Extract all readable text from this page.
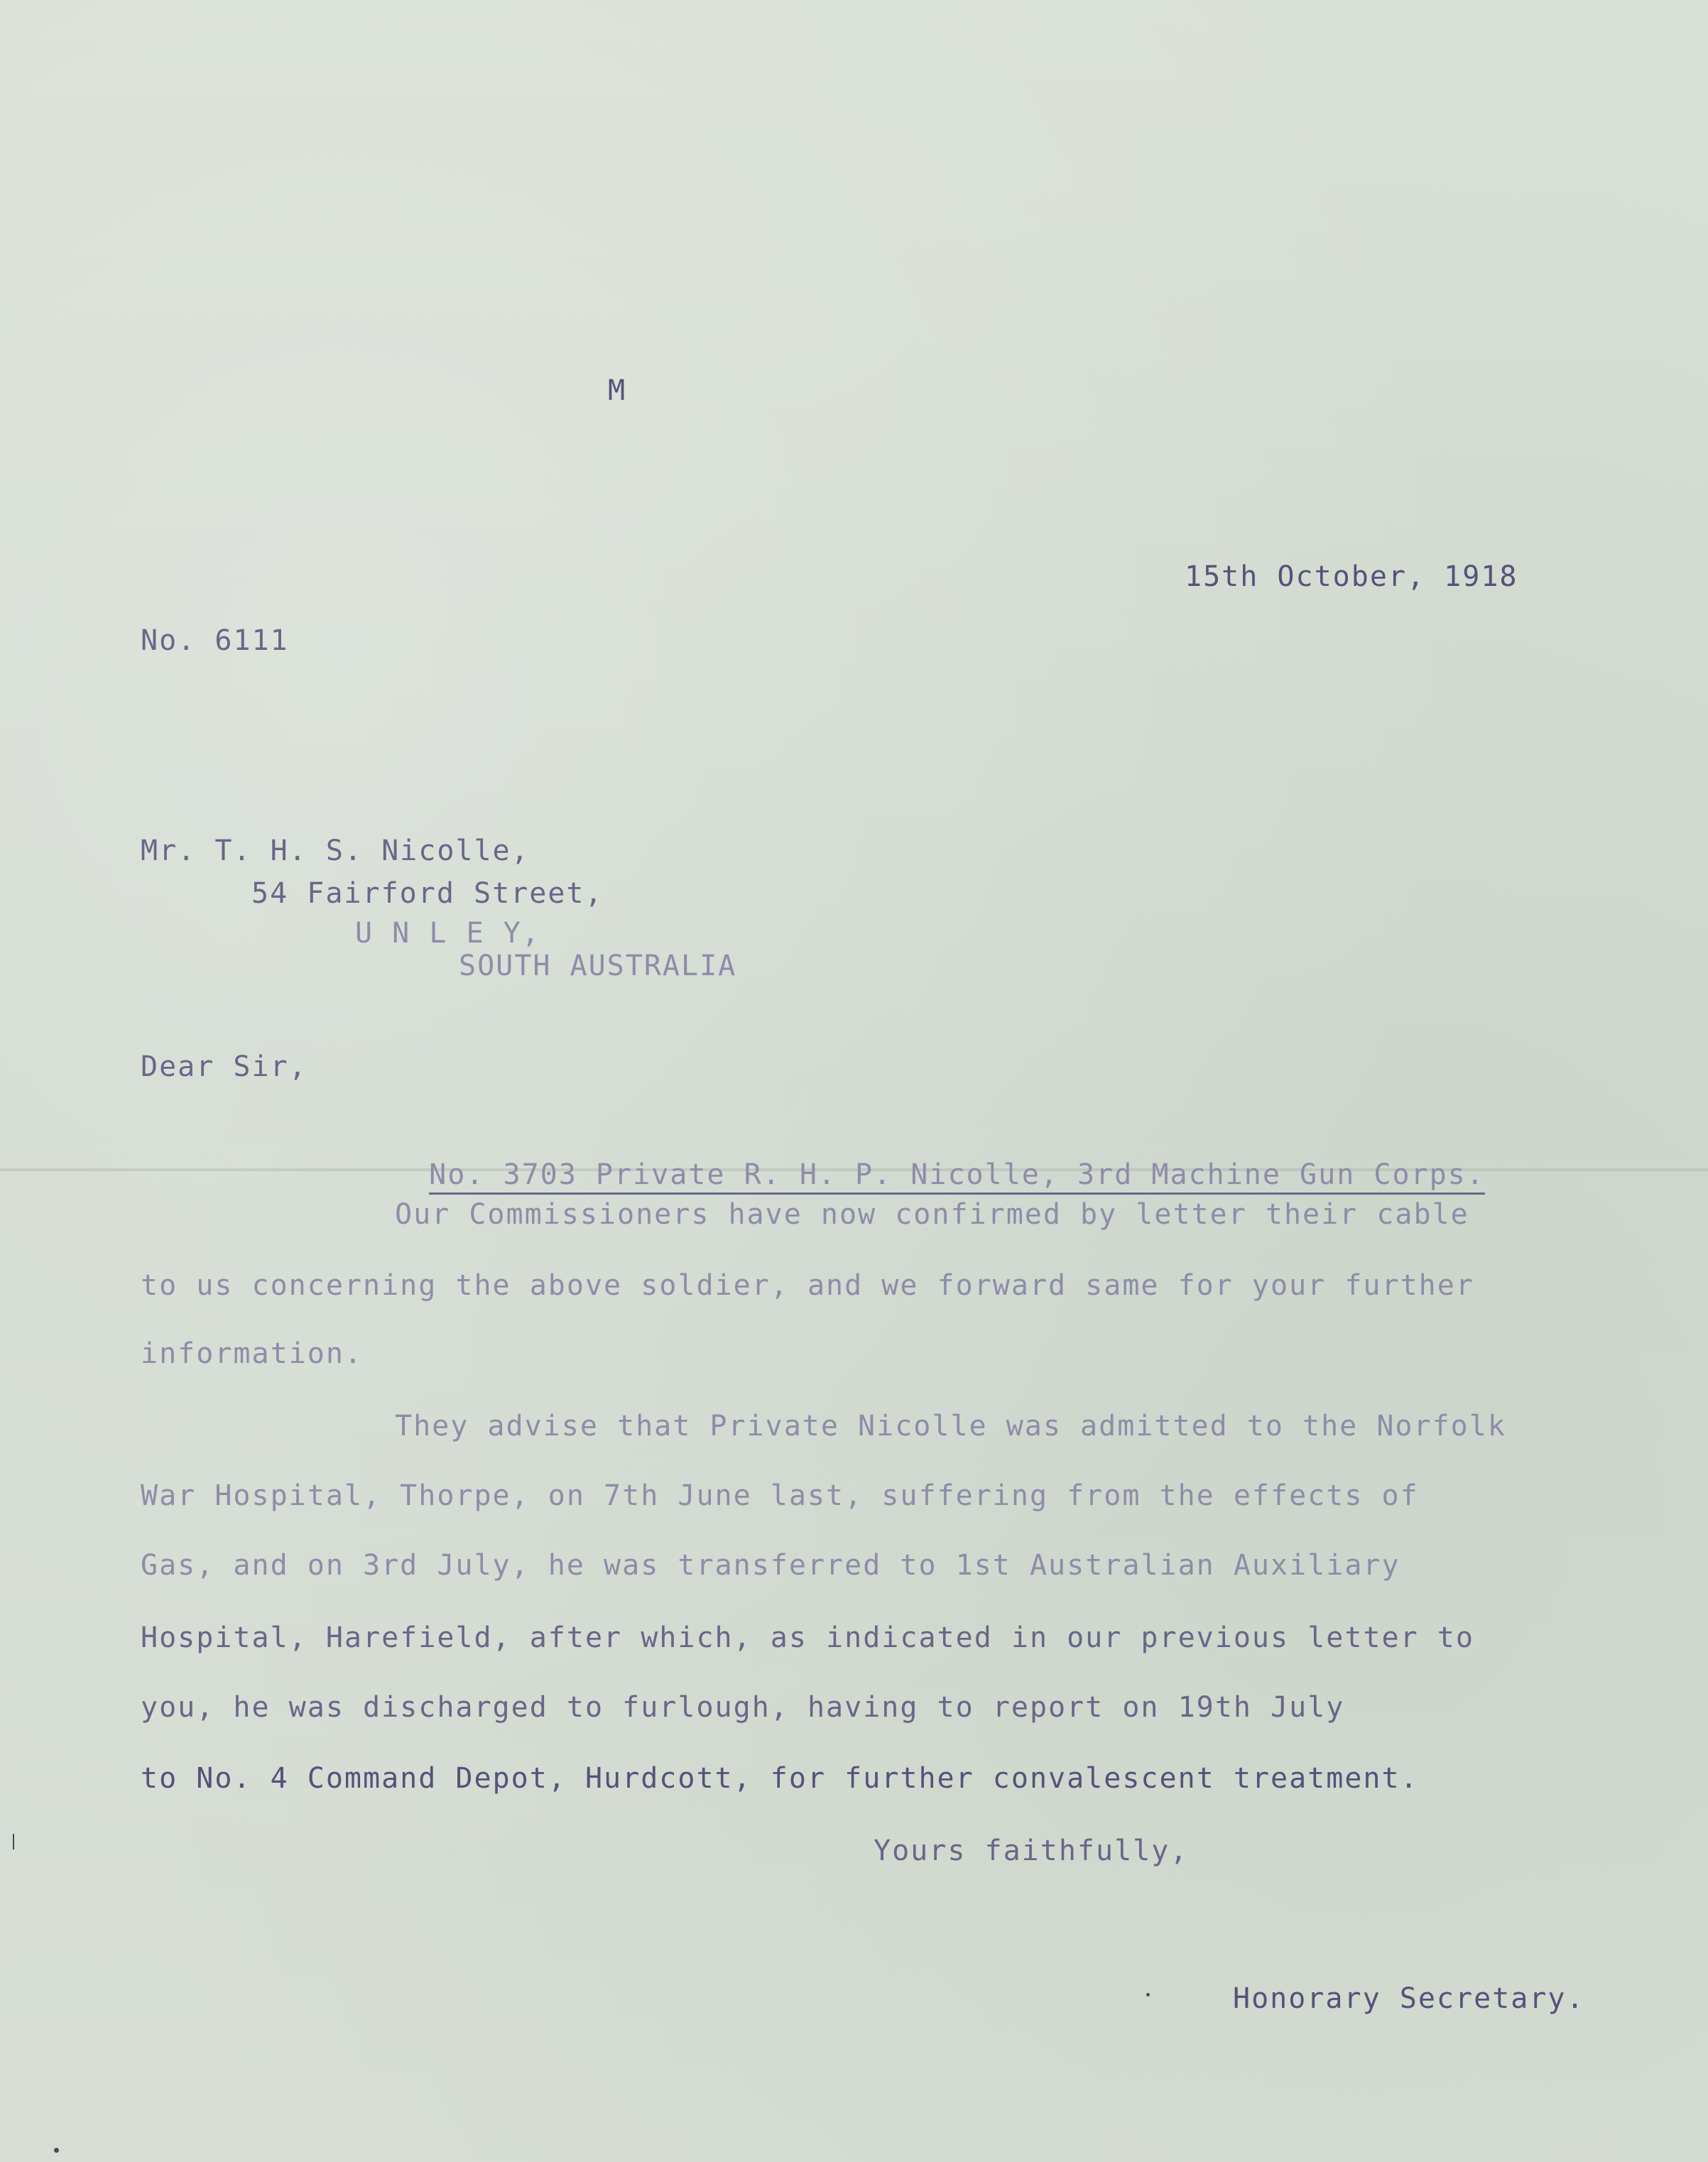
M
15th October, 1918
No. 6111
Mr. T. H. S. Nicolle,
54 Fairford Street,
U N L E Y,
SOUTH AUSTRALIA
Dear Sir,

No. 3703 Private R. H. P. Nicolle, 3rd Machine Gun Corps.

Our Commissioners have now confirmed by letter their cable
to us concerning the above soldier, and we forward same for your further
information.
They advise that Private Nicolle was admitted to the Norfolk
War Hospital, Thorpe, on 7th June last, suffering from the effects of
Gas, and on 3rd July, he was transferred to 1st Australian Auxiliary
Hospital, Harefield, after which, as indicated in our previous letter to
you, he was discharged to furlough, having to report on 19th July
to No. 4 Command Depot, Hurdcott, for further convalescent treatment.
Yours faithfully,
Honorary Secretary.
